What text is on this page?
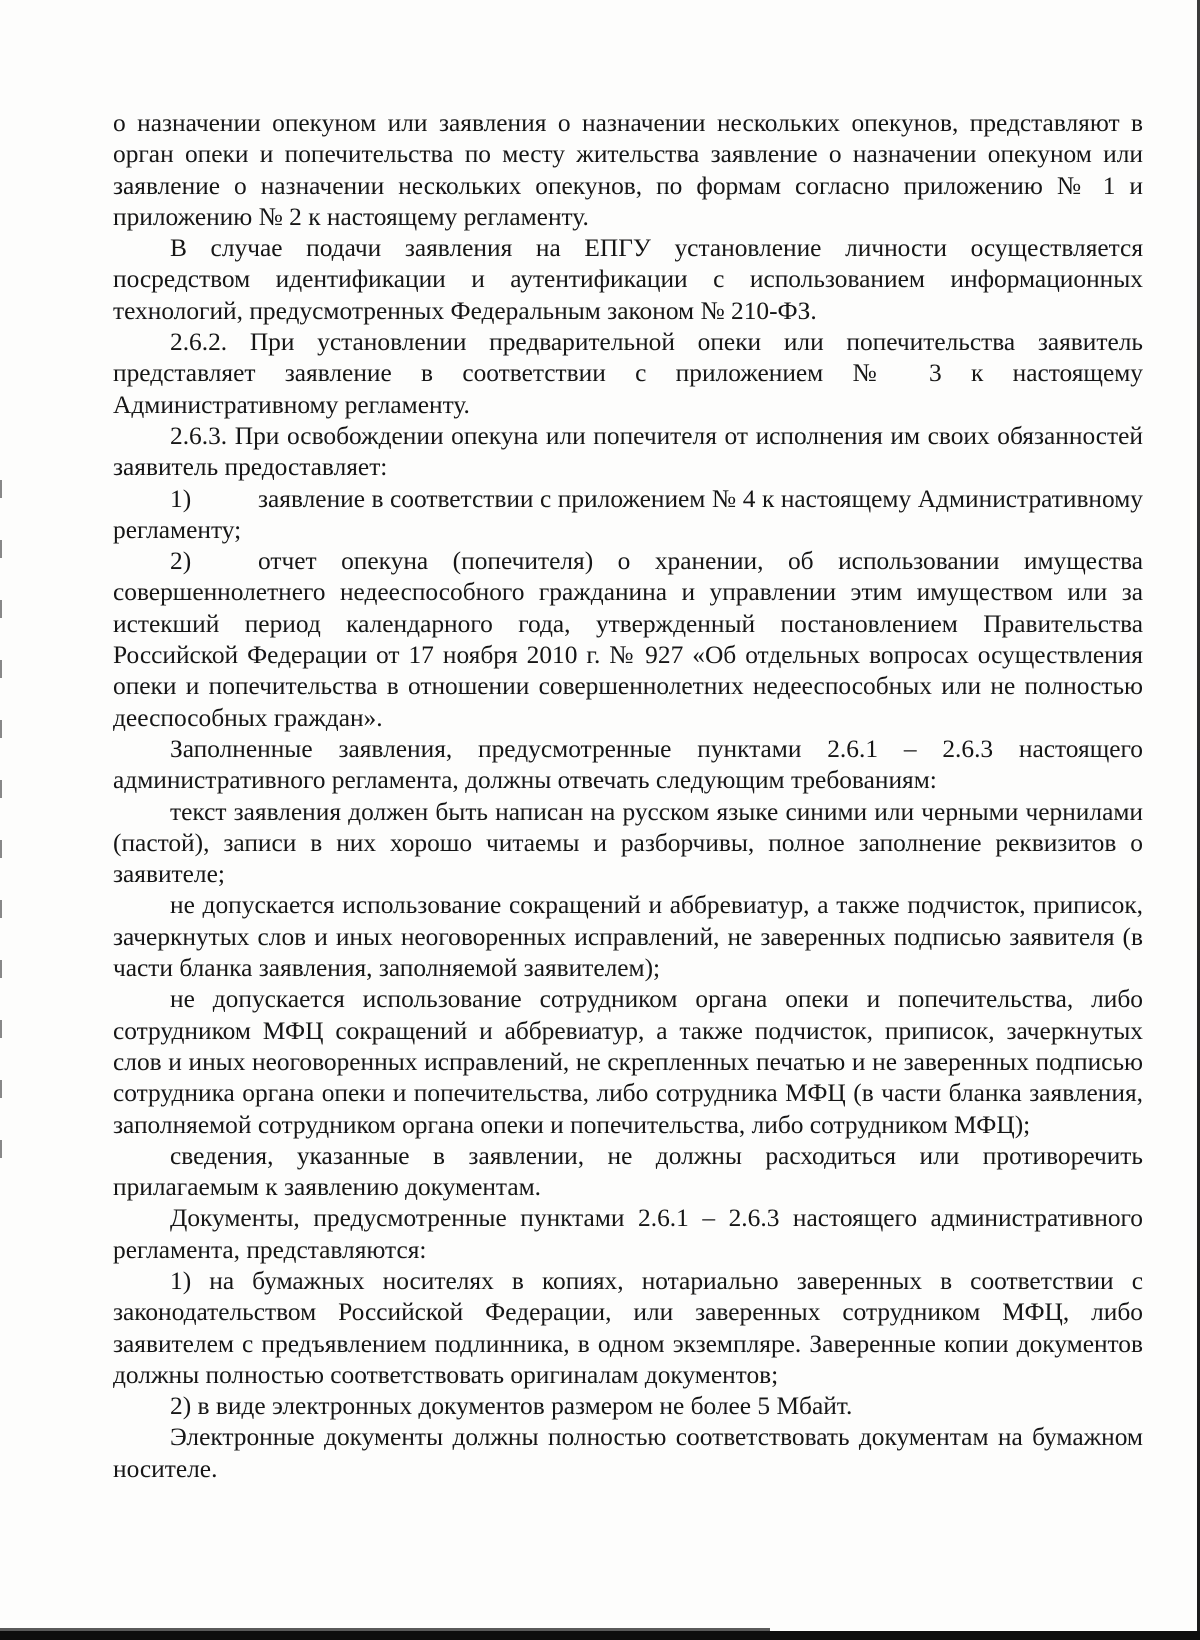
о назначении опекуном или заявления о назначении нескольких опекунов, представляют в орган опеки и попечительства по месту жительства заявление о назначении опекуном или заявление о назначении нескольких опекунов, по формам согласно приложению № 1 и приложению № 2 к настоящему регламенту.

В случае подачи заявления на ЕПГУ установление личности осуществляется посредством идентификации и аутентификации с использованием информационных технологий, предусмотренных Федеральным законом № 210-ФЗ.

2.6.2. При установлении предварительной опеки или попечительства заявитель представляет заявление в соответствии с приложением № 3 к настоящему Административному регламенту.

2.6.3. При освобождении опекуна или попечителя от исполнения им своих обязанностей заявитель предоставляет:

1)	заявление в соответствии с приложением № 4 к настоящему Административному регламенту;

2)	отчет опекуна (попечителя) о хранении, об использовании имущества совершеннолетнего недееспособного гражданина и управлении этим имуществом или за истекший период календарного года, утвержденный постановлением Правительства Российской Федерации от 17 ноября 2010 г. № 927 «Об отдельных вопросах осуществления опеки и попечительства в отношении совершеннолетних недееспособных или не полностью дееспособных граждан».

Заполненные заявления, предусмотренные пунктами 2.6.1 – 2.6.3 настоящего административного регламента, должны отвечать следующим требованиям:

текст заявления должен быть написан на русском языке синими или черными чернилами (пастой), записи в них хорошо читаемы и разборчивы, полное заполнение реквизитов о заявителе;

не допускается использование сокращений и аббревиатур, а также подчисток, приписок, зачеркнутых слов и иных неоговоренных исправлений, не заверенных подписью заявителя (в части бланка заявления, заполняемой заявителем);

не допускается использование сотрудником органа опеки и попечительства, либо сотрудником МФЦ сокращений и аббревиатур, а также подчисток, приписок, зачеркнутых слов и иных неоговоренных исправлений, не скрепленных печатью и не заверенных подписью сотрудника органа опеки и попечительства, либо сотрудника МФЦ (в части бланка заявления, заполняемой сотрудником органа опеки и попечительства, либо сотрудником МФЦ);

сведения, указанные в заявлении, не должны расходиться или противоречить прилагаемым к заявлению документам.

Документы, предусмотренные пунктами 2.6.1 – 2.6.3 настоящего административного регламента, представляются:

1) на бумажных носителях в копиях, нотариально заверенных в соответствии с законодательством Российской Федерации, или заверенных сотрудником МФЦ, либо заявителем с предъявлением подлинника, в одном экземпляре. Заверенные копии документов должны полностью соответствовать оригиналам документов;

2) в виде электронных документов размером не более 5 Мбайт.

Электронные документы должны полностью соответствовать документам на бумажном носителе.
